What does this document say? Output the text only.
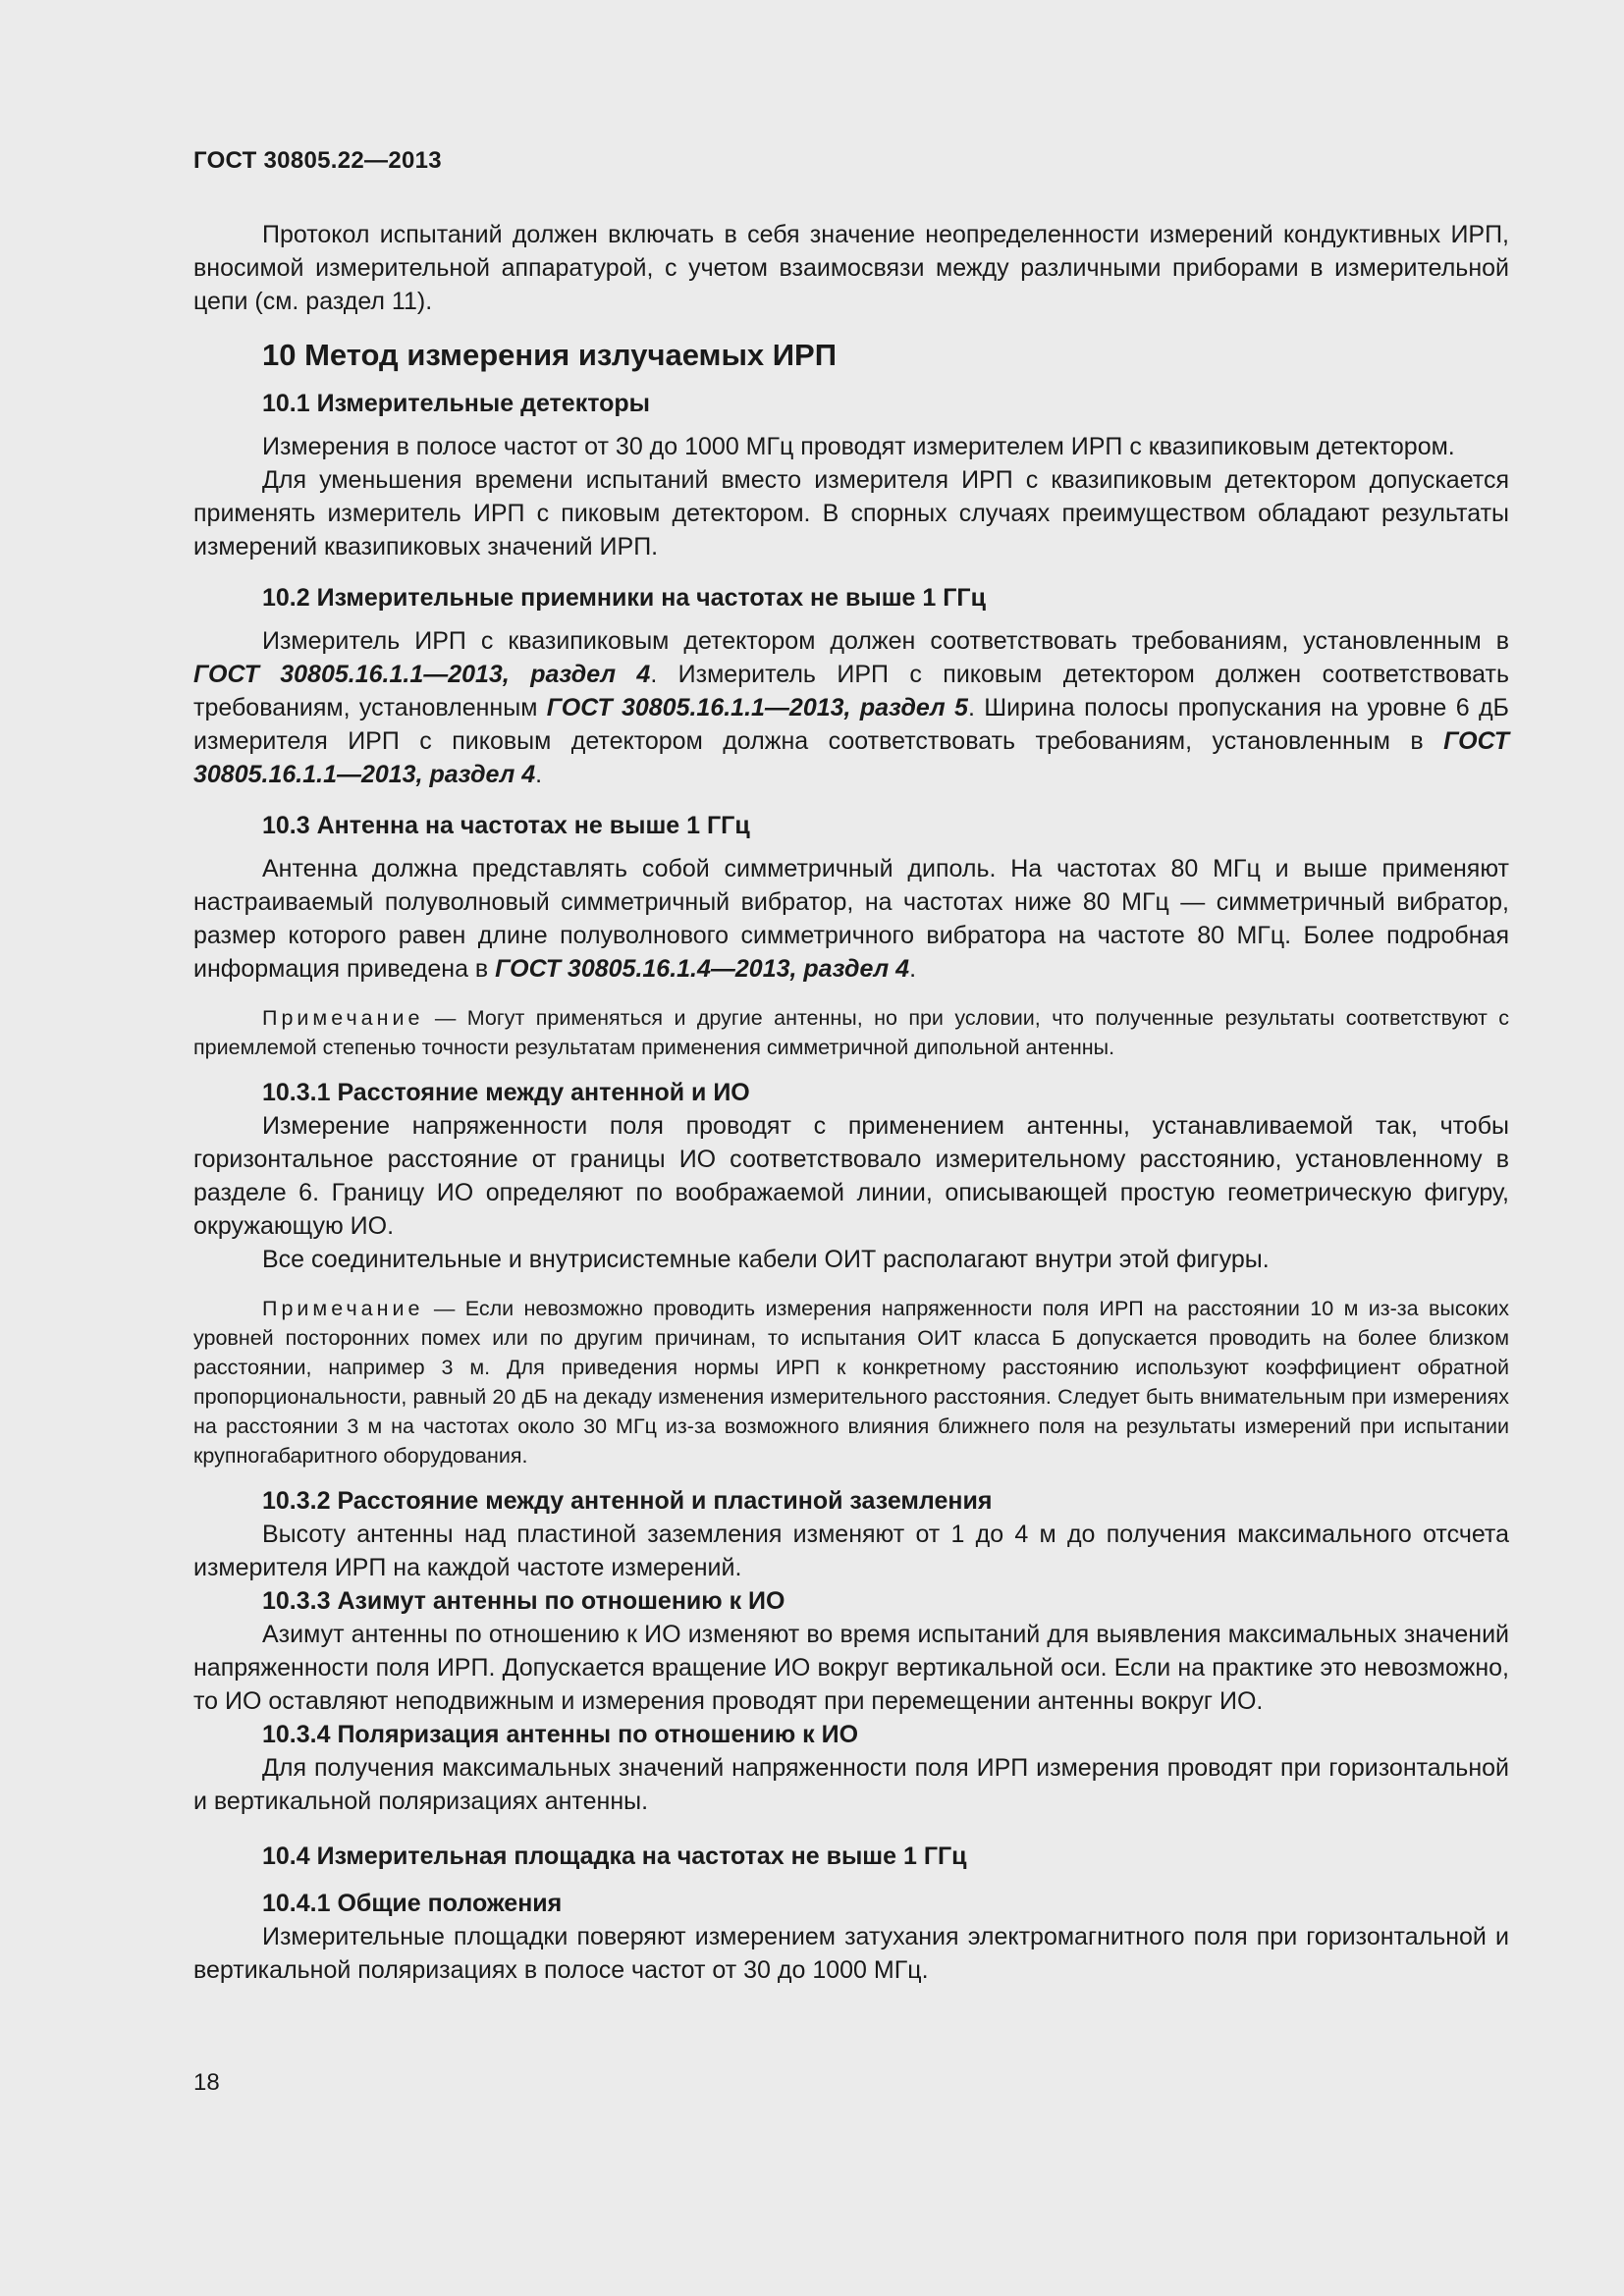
ГОСТ 30805.22—2013

Протокол испытаний должен включать в себя значение неопределенности измерений кондуктивных ИРП, вносимой измерительной аппаратурой, с учетом взаимосвязи между различными приборами в измерительной цепи (см. раздел 11).

10 Метод измерения излучаемых ИРП
10.1 Измерительные детекторы

Измерения в полосе частот от 30 до 1000 МГц проводят измерителем ИРП с квазипиковым детектором.

Для уменьшения времени испытаний вместо измерителя ИРП с квазипиковым детектором допускается применять измеритель ИРП с пиковым детектором. В спорных случаях преимуществом обладают результаты измерений квазипиковых значений ИРП.

10.2 Измерительные приемники на частотах не выше 1 ГГц

Измеритель ИРП с квазипиковым детектором должен соответствовать требованиям, установленным в ГОСТ 30805.16.1.1—2013, раздел 4. Измеритель ИРП с пиковым детектором должен соответствовать требованиям, установленным ГОСТ 30805.16.1.1—2013, раздел 5. Ширина полосы пропускания на уровне 6 дБ измерителя ИРП с пиковым детектором должна соответствовать требованиям, установленным в ГОСТ 30805.16.1.1—2013, раздел 4.

10.3 Антенна на частотах не выше 1 ГГц

Антенна должна представлять собой симметричный диполь. На частотах 80 МГц и выше применяют настраиваемый полуволновый симметричный вибратор, на частотах ниже 80 МГц — симметричный вибратор, размер которого равен длине полуволнового симметричного вибратора на частоте 80 МГц. Более подробная информация приведена в ГОСТ 30805.16.1.4—2013, раздел 4.

Примечание — Могут применяться и другие антенны, но при условии, что полученные результаты соответствуют с приемлемой степенью точности результатам применения симметричной дипольной антенны.

10.3.1 Расстояние между антенной и ИО

Измерение напряженности поля проводят с применением антенны, устанавливаемой так, чтобы горизонтальное расстояние от границы ИО соответствовало измерительному расстоянию, установленному в разделе 6. Границу ИО определяют по воображаемой линии, описывающей простую геометрическую фигуру, окружающую ИО.

Все соединительные и внутрисистемные кабели ОИТ располагают внутри этой фигуры.

Примечание — Если невозможно проводить измерения напряженности поля ИРП на расстоянии 10 м из-за высоких уровней посторонних помех или по другим причинам, то испытания ОИТ класса Б допускается проводить на более близком расстоянии, например 3 м. Для приведения нормы ИРП к конкретному расстоянию используют коэффициент обратной пропорциональности, равный 20 дБ на декаду изменения измерительного расстояния. Следует быть внимательным при измерениях на расстоянии 3 м на частотах около 30 МГц из-за возможного влияния ближнего поля на результаты измерений при испытании крупногабаритного оборудования.

10.3.2 Расстояние между антенной и пластиной заземления

Высоту антенны над пластиной заземления изменяют от 1 до 4 м до получения максимального отсчета измерителя ИРП на каждой частоте измерений.

10.3.3 Азимут антенны по отношению к ИО

Азимут антенны по отношению к ИО изменяют во время испытаний для выявления максимальных значений напряженности поля ИРП. Допускается вращение ИО вокруг вертикальной оси. Если на практике это невозможно, то ИО оставляют неподвижным и измерения проводят при перемещении антенны вокруг ИО.

10.3.4 Поляризация антенны по отношению к ИО

Для получения максимальных значений напряженности поля ИРП измерения проводят при горизонтальной и вертикальной поляризациях антенны.

10.4 Измерительная площадка на частотах не выше 1 ГГц
10.4.1 Общие положения

Измерительные площадки поверяют измерением затухания электромагнитного поля при горизонтальной и вертикальной поляризациях в полосе частот от 30 до 1000 МГц.

18
